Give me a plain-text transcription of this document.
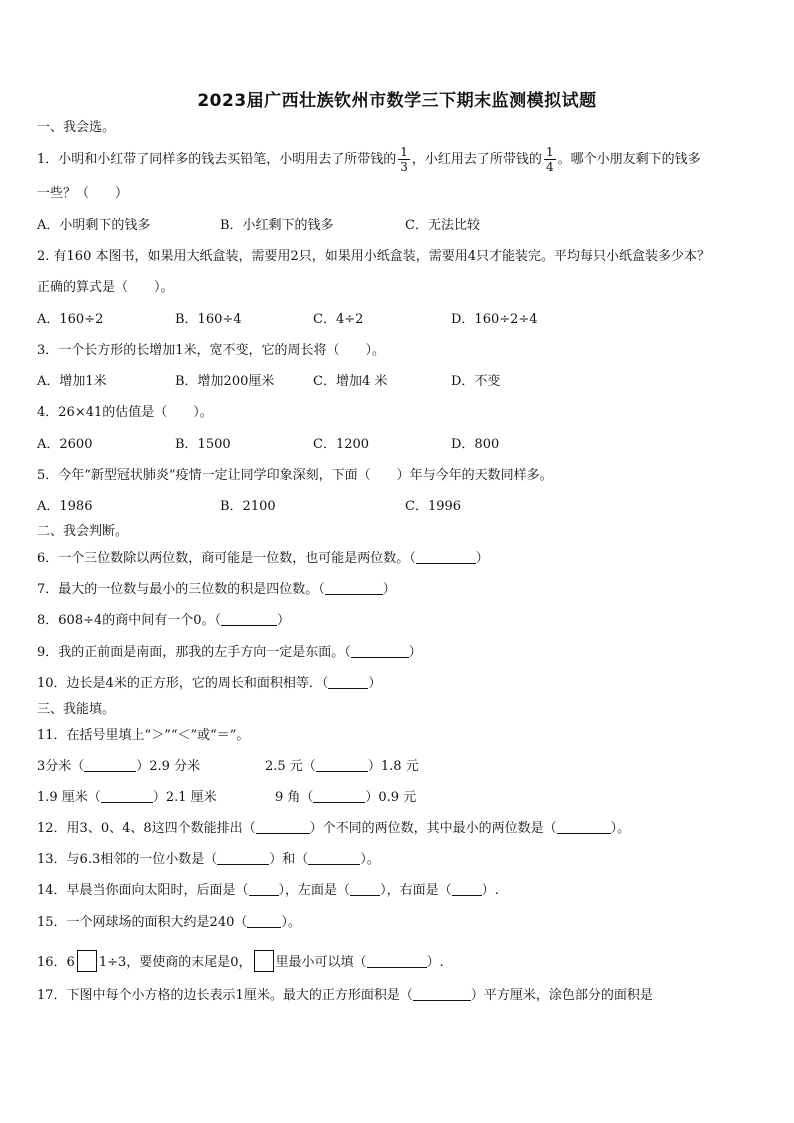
2023届广西壮族钦州市数学三下期末监测模拟试题
一、我会选。
1．小明和小红带了同样多的钱去买铅笔，小明用去了所带钱的 $\frac{1}{3}$ ，小红用去了所带钱的 $\frac{1}{4}$ 。哪个小朋友剩下的钱多
一些？（　　）
A．小明剩下的钱多	B．小红剩下的钱多	C．无法比较
2. 有160 本图书，如果用大纸盒装，需要用2只，如果用小纸盒装，需要用4只才能装完。平均每只小纸盒装多少本？
正确的算式是（　　）。
A．160÷2	B．160÷4	C．4÷2	D．160÷2÷4
3．一个长方形的长增加1米，宽不变，它的周长将（　　）。
A．增加1米	B．增加200厘米	C．增加4 米	D．不变
4．26×41的估值是（　　）。
A．2600	B．1500	C．1200	D．800
5．今年“新型冠状肺炎”疫情一定让同学印象深刻，下面（　　）年与今年的天数同样多。
A．1986	B．2100	C．1996
二、我会判断。
6．一个三位数除以两位数，商可能是一位数，也可能是两位数。（	）
7．最大的一位数与最小的三位数的积是四位数。（	）
8．608÷4的商中间有一个0。（	）
9．我的正前面是南面，那我的左手方向一定是东面。（	）
10．边长是4米的正方形，它的周长和面积相等．（	）
三、我能填。
11．在括号里填上“＞”“＜”或“＝”。
3分米（	）2.9 分米	2.5 元（	）1.8 元
1.9 厘米（	）2.1 厘米	9 角（	）0.9 元
12．用3、0、4、8这四个数能排出（	）个不同的两位数，其中最小的两位数是（	）。
13．与6.3相邻的一位小数是（	）和（	）。
14．早晨当你面向太阳时，后面是（ ），左面是（ ），右面是（ ）.
15．一个网球场的面积大约是240（	）。
16．6 1÷3，要使商的末尾是0， 里最小可以填（	）.
17．下图中每个小方格的边长表示1厘米。最大的正方形面积是（	）平方厘米，涂色部分的面积是
